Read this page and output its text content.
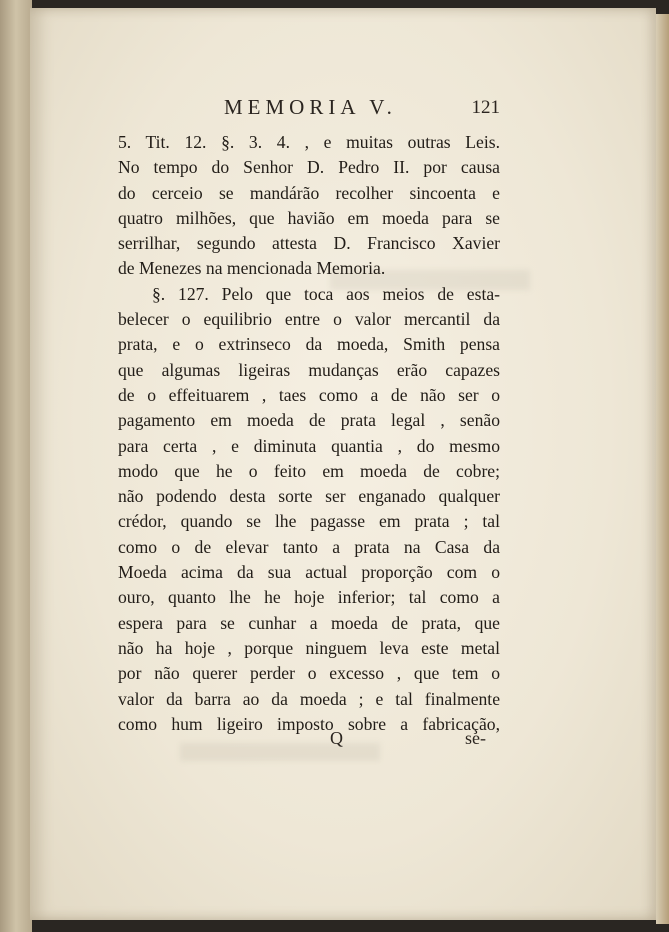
MEMORIA V.	121
5. Tit. 12. §. 3. 4. , e muitas outras Leis.
No tempo do Senhor D. Pedro II. por causa
do cerceio se mandárão recolher sincoenta e
quatro milhões, que havião em moeda para se
serrilhar, segundo attesta D. Francisco Xavier
de Menezes na mencionada Memoria.
§. 127. Pelo que toca aos meios de esta-
belecer o equilibrio entre o valor mercantil da
prata, e o extrinseco da moeda, Smith pensa
que algumas ligeiras mudanças erão capazes
de o effeituarem , taes como a de não ser o
pagamento em moeda de prata legal , senão
para certa , e diminuta quantia , do mesmo
modo que he o feito em moeda de cobre;
não podendo desta sorte ser enganado qualquer
crédor, quando se lhe pagasse em prata ; tal
como o de elevar tanto a prata na Casa da
Moeda acima da sua actual proporção com o
ouro, quanto lhe he hoje inferior; tal como a
espera para se cunhar a moeda de prata, que
não ha hoje , porque ninguem leva este metal
por não querer perder o excesso , que tem o
valor da barra ao da moeda ; e tal finalmente
como hum ligeiro imposto sobre a fabricação,
Q	se-
